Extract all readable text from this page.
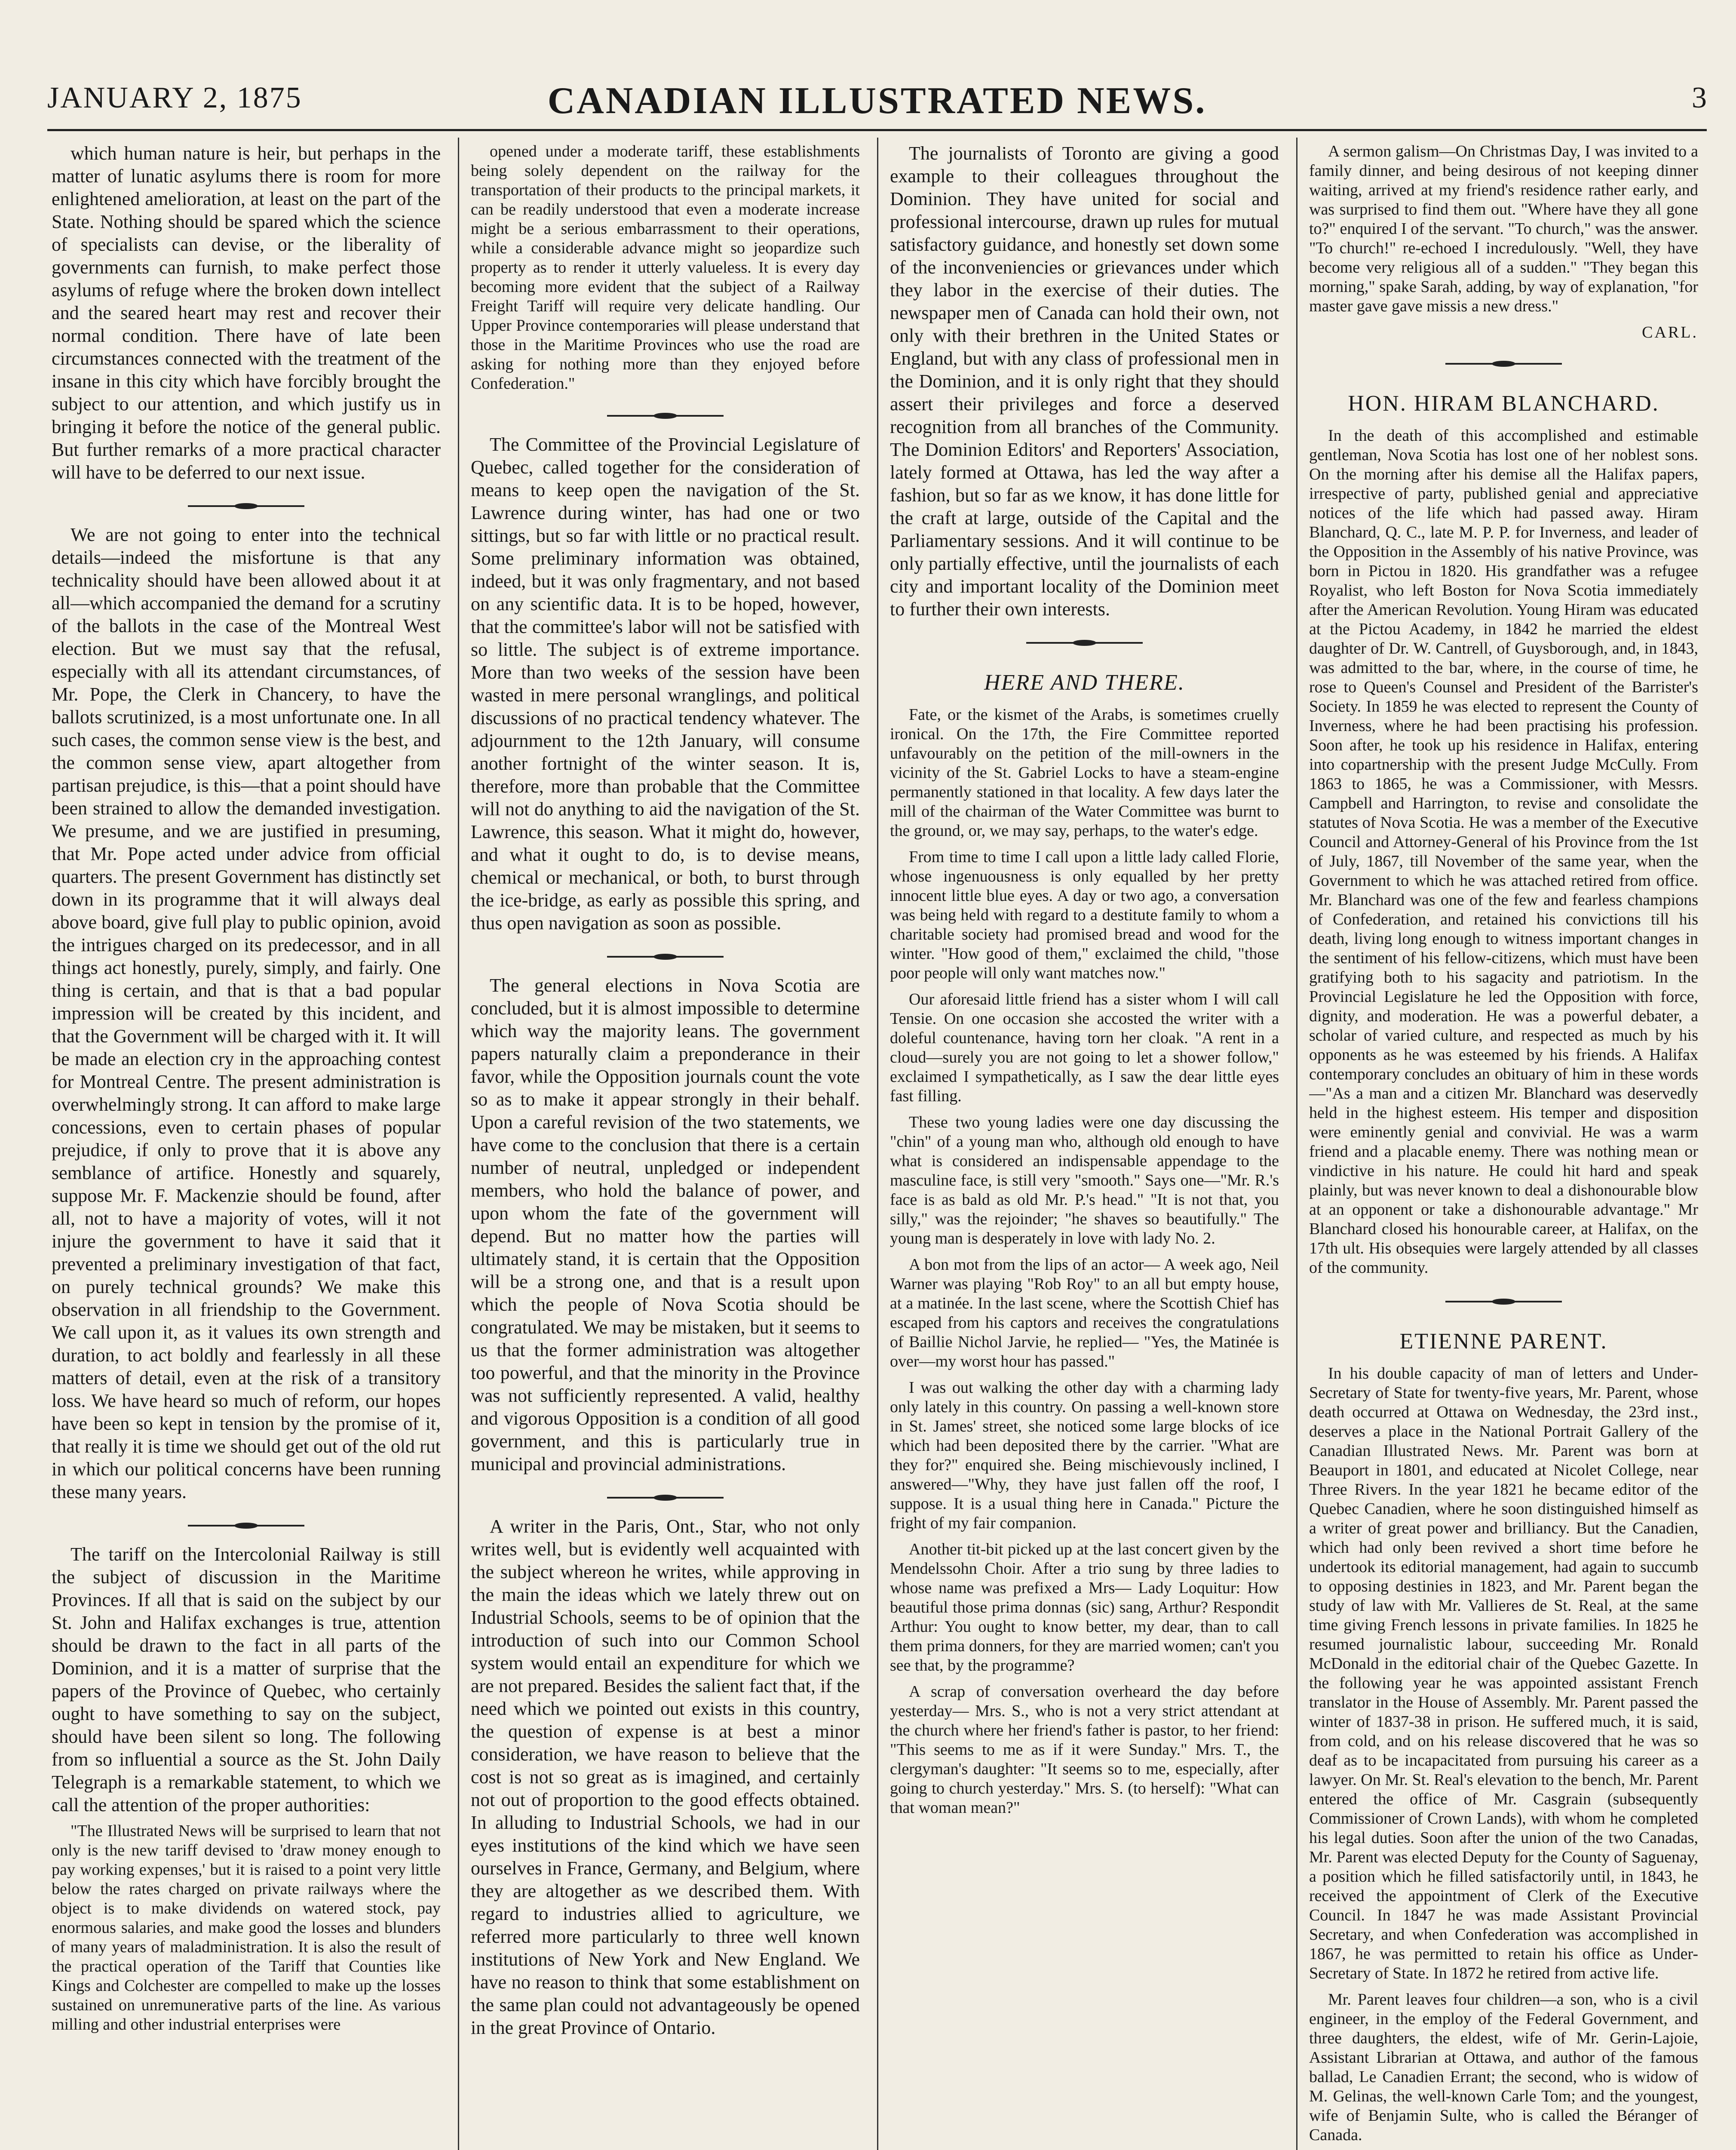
JANUARY 2, 1875	CANADIAN ILLUSTRATED NEWS.	3

which human nature is heir, but perhaps in the matter of lunatic asylums there is room for more enlightened amelioration, at least on the part of the State. Nothing should be spared which the science of specialists can devise, or the liberality of governments can furnish, to make perfect those asylums of refuge where the broken down intellect and the seared heart may rest and recover their normal condition. There have of late been circumstances connected with the treatment of the insane in this city which have forcibly brought the subject to our attention, and which justify us in bringing it before the notice of the general public. But further remarks of a more practical character will have to be deferred to our next issue.

We are not going to enter into the technical details—indeed the misfortune is that any technicality should have been allowed about it at all—which accompanied the demand for a scrutiny of the ballots in the case of the Montreal West election. But we must say that the refusal, especially with all its attendant circumstances, of Mr. Pope, the Clerk in Chancery, to have the ballots scrutinized, is a most unfortunate one. In all such cases, the common sense view is the best, and the common sense view, apart altogether from partisan prejudice, is this—that a point should have been strained to allow the demanded investigation. We presume, and we are justified in presuming, that Mr. Pope acted under advice from official quarters. The present Government has distinctly set down in its programme that it will always deal above board, give full play to public opinion, avoid the intrigues charged on its predecessor, and in all things act honestly, purely, simply, and fairly. One thing is certain, and that is that a bad popular impression will be created by this incident, and that the Government will be charged with it. It will be made an election cry in the approaching contest for Montreal Centre. The present administration is overwhelmingly strong. It can afford to make large concessions, even to certain phases of popular prejudice, if only to prove that it is above any semblance of artifice. Honestly and squarely, suppose Mr. F. Mackenzie should be found, after all, not to have a majority of votes, will it not injure the government to have it said that it prevented a preliminary investigation of that fact, on purely technical grounds? We make this observation in all friendship to the Government. We call upon it, as it values its own strength and duration, to act boldly and fearlessly in all these matters of detail, even at the risk of a transitory loss. We have heard so much of reform, our hopes have been so kept in tension by the promise of it, that really it is time we should get out of the old rut in which our political concerns have been running these many years.

The tariff on the Intercolonial Railway is still the subject of discussion in the Maritime Provinces. If all that is said on the subject by our St. John and Halifax exchanges is true, attention should be drawn to the fact in all parts of the Dominion, and it is a matter of surprise that the papers of the Province of Quebec, who certainly ought to have something to say on the subject, should have been silent so long. The following from so influential a source as the St. John Daily Telegraph is a remarkable statement, to which we call the attention of the proper authorities:

"The Illustrated News will be surprised to learn that not only is the new tariff devised to 'draw money enough to pay working expenses,' but it is raised to a point very little below the rates charged on private railways where the object is to make dividends on watered stock, pay enormous salaries, and make good the losses and blunders of many years of maladministration. It is also the result of the practical operation of the Tariff that Counties like Kings and Colchester are compelled to make up the losses sustained on unremunerative parts of the line. As various milling and other industrial enterprises were

opened under a moderate tariff, these establishments being solely dependent on the railway for the transportation of their products to the principal markets, it can be readily understood that even a moderate increase might be a serious embarrassment to their operations, while a considerable advance might so jeopardize such property as to render it utterly valueless. It is every day becoming more evident that the subject of a Railway Freight Tariff will require very delicate handling. Our Upper Province contemporaries will please understand that those in the Maritime Provinces who use the road are asking for nothing more than they enjoyed before Confederation."

The Committee of the Provincial Legislature of Quebec, called together for the consideration of means to keep open the navigation of the St. Lawrence during winter, has had one or two sittings, but so far with little or no practical result. Some preliminary information was obtained, indeed, but it was only fragmentary, and not based on any scientific data. It is to be hoped, however, that the committee's labor will not be satisfied with so little. The subject is of extreme importance. More than two weeks of the session have been wasted in mere personal wranglings, and political discussions of no practical tendency whatever. The adjournment to the 12th January, will consume another fortnight of the winter season. It is, therefore, more than probable that the Committee will not do anything to aid the navigation of the St. Lawrence, this season. What it might do, however, and what it ought to do, is to devise means, chemical or mechanical, or both, to burst through the ice-bridge, as early as possible this spring, and thus open navigation as soon as possible.

The general elections in Nova Scotia are concluded, but it is almost impossible to determine which way the majority leans. The government papers naturally claim a preponderance in their favor, while the Opposition journals count the vote so as to make it appear strongly in their behalf. Upon a careful revision of the two statements, we have come to the conclusion that there is a certain number of neutral, unpledged or independent members, who hold the balance of power, and upon whom the fate of the government will depend. But no matter how the parties will ultimately stand, it is certain that the Opposition will be a strong one, and that is a result upon which the people of Nova Scotia should be congratulated. We may be mistaken, but it seems to us that the former administration was altogether too powerful, and that the minority in the Province was not sufficiently represented. A valid, healthy and vigorous Opposition is a condition of all good government, and this is particularly true in municipal and provincial administrations.

A writer in the Paris, Ont., Star, who not only writes well, but is evidently well acquainted with the subject whereon he writes, while approving in the main the ideas which we lately threw out on Industrial Schools, seems to be of opinion that the introduction of such into our Common School system would entail an expenditure for which we are not prepared. Besides the salient fact that, if the need which we pointed out exists in this country, the question of expense is at best a minor consideration, we have reason to believe that the cost is not so great as is imagined, and certainly not out of proportion to the good effects obtained. In alluding to Industrial Schools, we had in our eyes institutions of the kind which we have seen ourselves in France, Germany, and Belgium, where they are altogether as we described them. With regard to industries allied to agriculture, we referred more particularly to three well known institutions of New York and New England. We have no reason to think that some establishment on the same plan could not advantageously be opened in the great Province of Ontario.

The journalists of Toronto are giving a good example to their colleagues throughout the Dominion. They have united for social and professional intercourse, drawn up rules for mutual satisfactory guidance, and honestly set down some of the inconveniencies or grievances under which they labor in the exercise of their duties. The newspaper men of Canada can hold their own, not only with their brethren in the United States or England, but with any class of professional men in the Dominion, and it is only right that they should assert their privileges and force a deserved recognition from all branches of the Community. The Dominion Editors' and Reporters' Association, lately formed at Ottawa, has led the way after a fashion, but so far as we know, it has done little for the craft at large, outside of the Capital and the Parliamentary sessions. And it will continue to be only partially effective, until the journalists of each city and important locality of the Dominion meet to further their own interests.

HERE AND THERE.

Fate, or the kismet of the Arabs, is sometimes cruelly ironical. On the 17th, the Fire Committee reported unfavourably on the petition of the mill-owners in the vicinity of the St. Gabriel Locks to have a steam-engine permanently stationed in that locality. A few days later the mill of the chairman of the Water Committee was burnt to the ground, or, we may say, perhaps, to the water's edge.

From time to time I call upon a little lady called Florie, whose ingenuousness is only equalled by her pretty innocent little blue eyes. A day or two ago, a conversation was being held with regard to a destitute family to whom a charitable society had promised bread and wood for the winter. "How good of them," exclaimed the child, "those poor people will only want matches now."

Our aforesaid little friend has a sister whom I will call Tensie. On one occasion she accosted the writer with a doleful countenance, having torn her cloak. "A rent in a cloud—surely you are not going to let a shower follow," exclaimed I sympathetically, as I saw the dear little eyes fast filling.

These two young ladies were one day discussing the "chin" of a young man who, although old enough to have what is considered an indispensable appendage to the masculine face, is still very "smooth." Says one—"Mr. R.'s face is as bald as old Mr. P.'s head." "It is not that, you silly," was the rejoinder; "he shaves so beautifully." The young man is desperately in love with lady No. 2.

A bon mot from the lips of an actor— A week ago, Neil Warner was playing "Rob Roy" to an all but empty house, at a matinée. In the last scene, where the Scottish Chief has escaped from his captors and receives the congratulations of Baillie Nichol Jarvie, he replied— "Yes, the Matinée is over—my worst hour has passed."

I was out walking the other day with a charming lady only lately in this country. On passing a well-known store in St. James' street, she noticed some large blocks of ice which had been deposited there by the carrier. "What are they for?" enquired she. Being mischievously inclined, I answered—"Why, they have just fallen off the roof, I suppose. It is a usual thing here in Canada." Picture the fright of my fair companion.

Another tit-bit picked up at the last concert given by the Mendelssohn Choir. After a trio sung by three ladies to whose name was prefixed a Mrs— Lady Loquitur: How beautiful those prima donnas (sic) sang, Arthur? Respondit Arthur: You ought to know better, my dear, than to call them prima donners, for they are married women; can't you see that, by the programme?

A scrap of conversation overheard the day before yesterday— Mrs. S., who is not a very strict attendant at the church where her friend's father is pastor, to her friend: "This seems to me as if it were Sunday." Mrs. T., the clergyman's daughter: "It seems so to me, especially, after going to church yesterday." Mrs. S. (to herself): "What can that woman mean?"

A sermon galism—On Christmas Day, I was invited to a family dinner, and being desirous of not keeping dinner waiting, arrived at my friend's residence rather early, and was surprised to find them out. "Where have they all gone to?" enquired I of the servant. "To church," was the answer. "To church!" re-echoed I incredulously. "Well, they have become very religious all of a sudden." "They began this morning," spake Sarah, adding, by way of explanation, "for master gave gave missis a new dress."

CARL.
HON. HIRAM BLANCHARD.

In the death of this accomplished and estimable gentleman, Nova Scotia has lost one of her noblest sons. On the morning after his demise all the Halifax papers, irrespective of party, published genial and appreciative notices of the life which had passed away. Hiram Blanchard, Q. C., late M. P. P. for Inverness, and leader of the Opposition in the Assembly of his native Province, was born in Pictou in 1820. His grandfather was a refugee Royalist, who left Boston for Nova Scotia immediately after the American Revolution. Young Hiram was educated at the Pictou Academy, in 1842 he married the eldest daughter of Dr. W. Cantrell, of Guysborough, and, in 1843, was admitted to the bar, where, in the course of time, he rose to Queen's Counsel and President of the Barrister's Society. In 1859 he was elected to represent the County of Inverness, where he had been practising his profession. Soon after, he took up his residence in Halifax, entering into copartnership with the present Judge McCully. From 1863 to 1865, he was a Commissioner, with Messrs. Campbell and Harrington, to revise and consolidate the statutes of Nova Scotia. He was a member of the Executive Council and Attorney-General of his Province from the 1st of July, 1867, till November of the same year, when the Government to which he was attached retired from office. Mr. Blanchard was one of the few and fearless champions of Confederation, and retained his convictions till his death, living long enough to witness important changes in the sentiment of his fellow-citizens, which must have been gratifying both to his sagacity and patriotism. In the Provincial Legislature he led the Opposition with force, dignity, and moderation. He was a powerful debater, a scholar of varied culture, and respected as much by his opponents as he was esteemed by his friends. A Halifax contemporary concludes an obituary of him in these words—"As a man and a citizen Mr. Blanchard was deservedly held in the highest esteem. His temper and disposition were eminently genial and convivial. He was a warm friend and a placable enemy. There was nothing mean or vindictive in his nature. He could hit hard and speak plainly, but was never known to deal a dishonourable blow at an opponent or take a dishonourable advantage." Mr Blanchard closed his honourable career, at Halifax, on the 17th ult. His obsequies were largely attended by all classes of the community.

ETIENNE PARENT.

In his double capacity of man of letters and Under-Secretary of State for twenty-five years, Mr. Parent, whose death occurred at Ottawa on Wednesday, the 23rd inst., deserves a place in the National Portrait Gallery of the Canadian Illustrated News. Mr. Parent was born at Beauport in 1801, and educated at Nicolet College, near Three Rivers. In the year 1821 he became editor of the Quebec Canadien, where he soon distinguished himself as a writer of great power and brilliancy. But the Canadien, which had only been revived a short time before he undertook its editorial management, had again to succumb to opposing destinies in 1823, and Mr. Parent began the study of law with Mr. Vallieres de St. Real, at the same time giving French lessons in private families. In 1825 he resumed journalistic labour, succeeding Mr. Ronald McDonald in the editorial chair of the Quebec Gazette. In the following year he was appointed assistant French translator in the House of Assembly. Mr. Parent passed the winter of 1837-38 in prison. He suffered much, it is said, from cold, and on his release discovered that he was so deaf as to be incapacitated from pursuing his career as a lawyer. On Mr. St. Real's elevation to the bench, Mr. Parent entered the office of Mr. Casgrain (subsequently Commissioner of Crown Lands), with whom he completed his legal duties. Soon after the union of the two Canadas, Mr. Parent was elected Deputy for the County of Saguenay, a position which he filled satisfactorily until, in 1843, he received the appointment of Clerk of the Executive Council. In 1847 he was made Assistant Provincial Secretary, and when Confederation was accomplished in 1867, he was permitted to retain his office as Under-Secretary of State. In 1872 he retired from active life.

Mr. Parent leaves four children—a son, who is a civil engineer, in the employ of the Federal Government, and three daughters, the eldest, wife of Mr. Gerin-Lajoie, Assistant Librarian at Ottawa, and author of the famous ballad, Le Canadien Errant; the second, who is widow of M. Gelinas, the well-known Carle Tom; and the youngest, wife of Benjamin Sulte, who is called the Béranger of Canada.
